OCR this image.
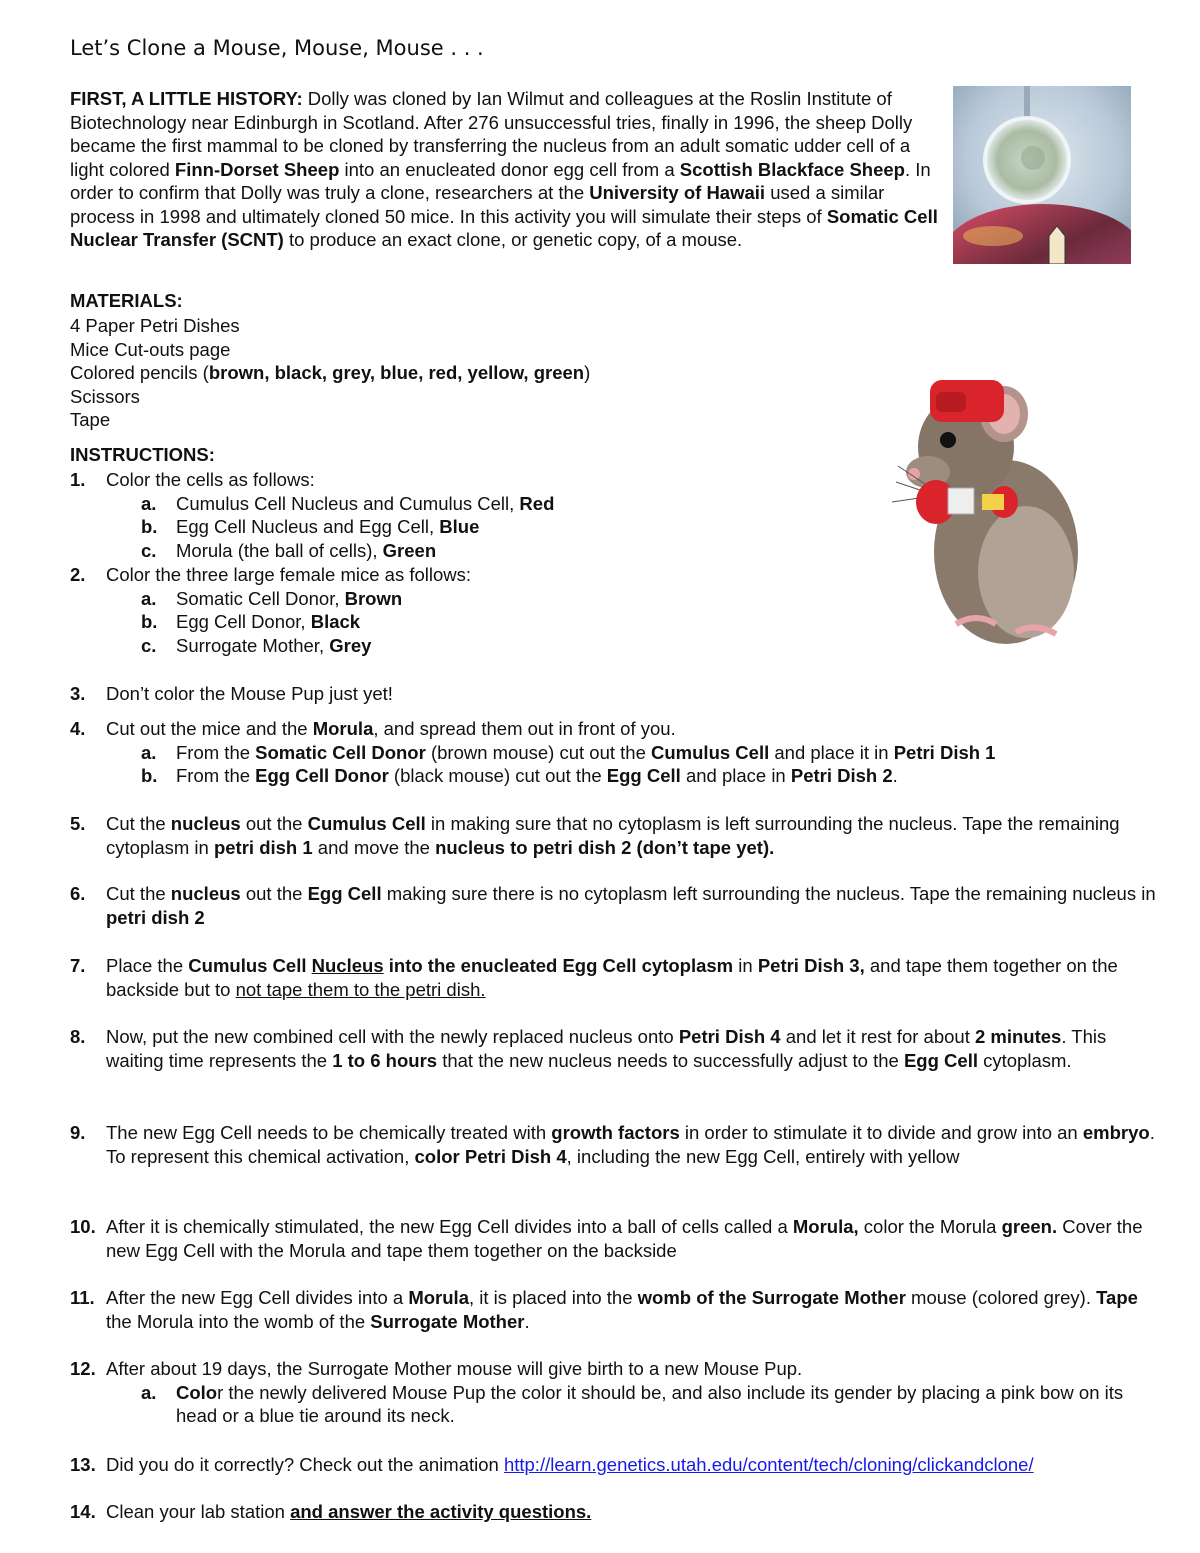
Let’s Clone a Mouse, Mouse, Mouse . . .
FIRST, A LITTLE HISTORY: Dolly was cloned by Ian Wilmut and colleagues at the Roslin Institute of Biotechnology near Edinburgh in Scotland. After 276 unsuccessful tries, finally in 1996, the sheep Dolly became the first mammal to be cloned by transferring the nucleus from an adult somatic udder cell of a light colored Finn-Dorset Sheep into an enucleated donor egg cell from a Scottish Blackface Sheep. In order to confirm that Dolly was truly a clone, researchers at the University of Hawaii used a similar process in 1998 and ultimately cloned 50 mice. In this activity you will simulate their steps of Somatic Cell Nuclear Transfer (SCNT) to produce an exact clone, or genetic copy, of a mouse.
MATERIALS:
4 Paper Petri Dishes
Mice Cut-outs page
Colored pencils (brown, black, grey, blue, red, yellow, green)
Scissors
Tape
INSTRUCTIONS:
1. Color the cells as follows:
a. Cumulus Cell Nucleus and Cumulus Cell, Red
b. Egg Cell Nucleus and Egg Cell, Blue
c. Morula (the ball of cells), Green
2. Color the three large female mice as follows:
a. Somatic Cell Donor, Brown
b. Egg Cell Donor, Black
c. Surrogate Mother, Grey
3. Don’t color the Mouse Pup just yet!
4. Cut out the mice and the Morula, and spread them out in front of you.
a. From the Somatic Cell Donor (brown mouse) cut out the Cumulus Cell and place it in Petri Dish 1
b. From the Egg Cell Donor (black mouse) cut out the Egg Cell and place in Petri Dish 2.
5. Cut the nucleus out the Cumulus Cell in making sure that no cytoplasm is left surrounding the nucleus. Tape the remaining cytoplasm in petri dish 1 and move the nucleus to petri dish 2 (don’t tape yet).
6. Cut the nucleus out the Egg Cell making sure there is no cytoplasm left surrounding the nucleus. Tape the remaining nucleus in petri dish 2
7. Place the Cumulus Cell Nucleus into the enucleated Egg Cell cytoplasm in Petri Dish 3, and tape them together on the backside but to not tape them to the petri dish.
8. Now, put the new combined cell with the newly replaced nucleus onto Petri Dish 4 and let it rest for about 2 minutes. This waiting time represents the 1 to 6 hours that the new nucleus needs to successfully adjust to the Egg Cell cytoplasm.
9. The new Egg Cell needs to be chemically treated with growth factors in order to stimulate it to divide and grow into an embryo. To represent this chemical activation, color Petri Dish 4, including the new Egg Cell, entirely with yellow
10. After it is chemically stimulated, the new Egg Cell divides into a ball of cells called a Morula, color the Morula green. Cover the new Egg Cell with the Morula and tape them together on the backside
11. After the new Egg Cell divides into a Morula, it is placed into the womb of the Surrogate Mother mouse (colored grey). Tape the Morula into the womb of the Surrogate Mother.
12. After about 19 days, the Surrogate Mother mouse will give birth to a new Mouse Pup.
a. Color the newly delivered Mouse Pup the color it should be, and also include its gender by placing a pink bow on its head or a blue tie around its neck.
13. Did you do it correctly? Check out the animation http://learn.genetics.utah.edu/content/tech/cloning/clickandclone/
14. Clean your lab station and answer the activity questions.
